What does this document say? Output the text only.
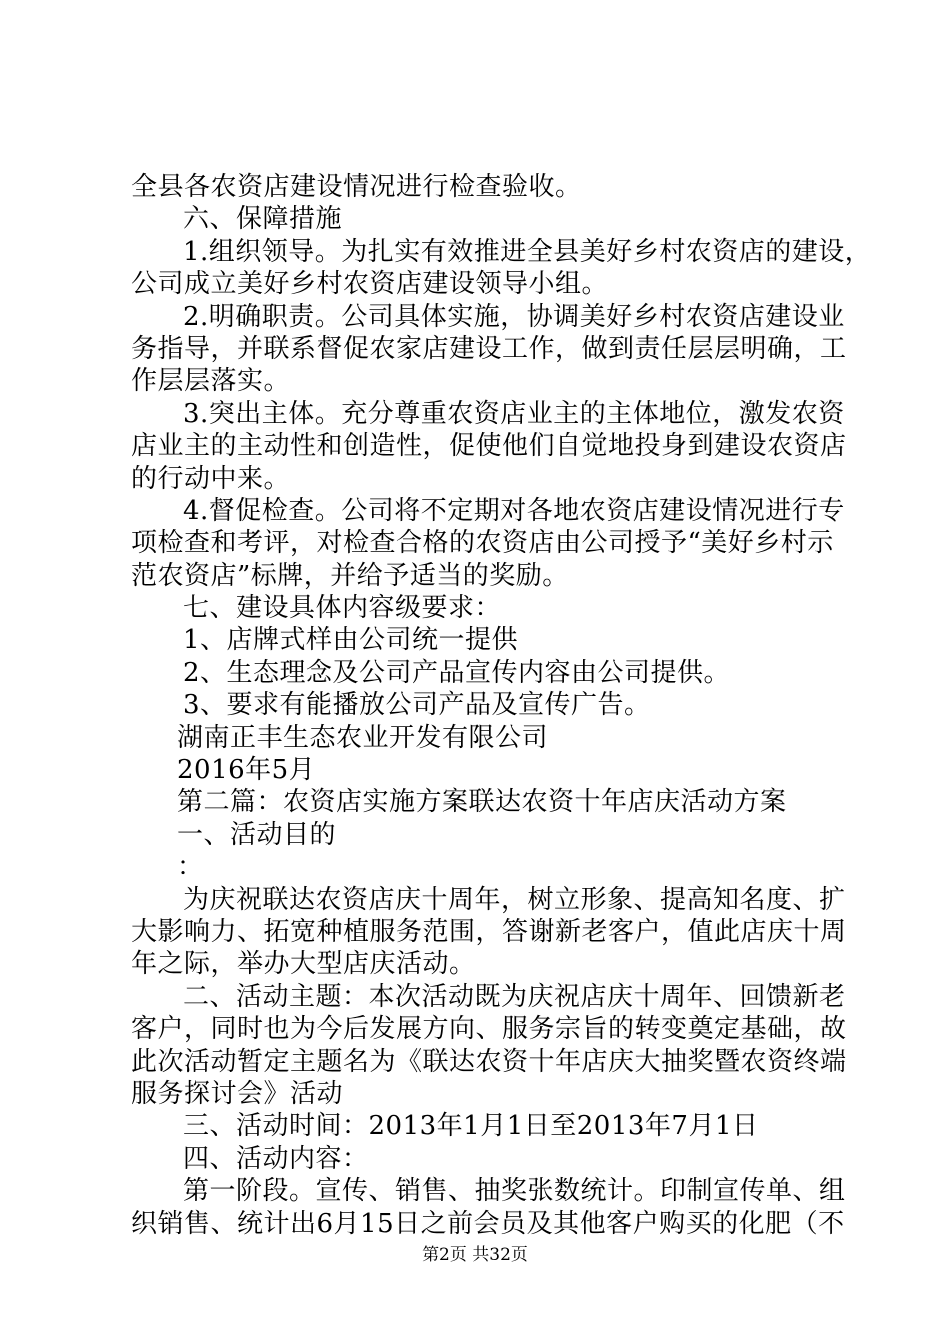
全县各农资店建设情况进行检查验收。
六、保障措施
1.组织领导。为扎实有效推进全县美好乡村农资店的建设，
公司成立美好乡村农资店建设领导小组。
2.明确职责。公司具体实施，协调美好乡村农资店建设业
务指导，并联系督促农家店建设工作，做到责任层层明确，工
作层层落实。
3.突出主体。充分尊重农资店业主的主体地位，激发农资
店业主的主动性和创造性，促使他们自觉地投身到建设农资店
的行动中来。
4.督促检查。公司将不定期对各地农资店建设情况进行专
项检查和考评，对检查合格的农资店由公司授予“美好乡村示
范农资店”标牌，并给予适当的奖励。
七、建设具体内容级要求：
1、店牌式样由公司统一提供
2、生态理念及公司产品宣传内容由公司提供。
3、要求有能播放公司产品及宣传广告。
湖南正丰生态农业开发有限公司
2016年5月
第二篇：农资店实施方案联达农资十年店庆活动方案
一、活动目的
：
为庆祝联达农资店庆十周年，树立形象、提高知名度、扩
大影响力、拓宽种植服务范围，答谢新老客户，值此店庆十周
年之际，举办大型店庆活动。
二、活动主题：本次活动既为庆祝店庆十周年、回馈新老
客户，同时也为今后发展方向、服务宗旨的转变奠定基础，故
此次活动暂定主题名为《联达农资十年店庆大抽奖暨农资终端
服务探讨会》活动
三、活动时间：2013年1月1日至2013年7月1日
四、活动内容：
第一阶段。宣传、销售、抽奖张数统计。印制宣传单、组
织销售、统计出6月15日之前会员及其他客户购买的化肥（不
第2页 共32页
